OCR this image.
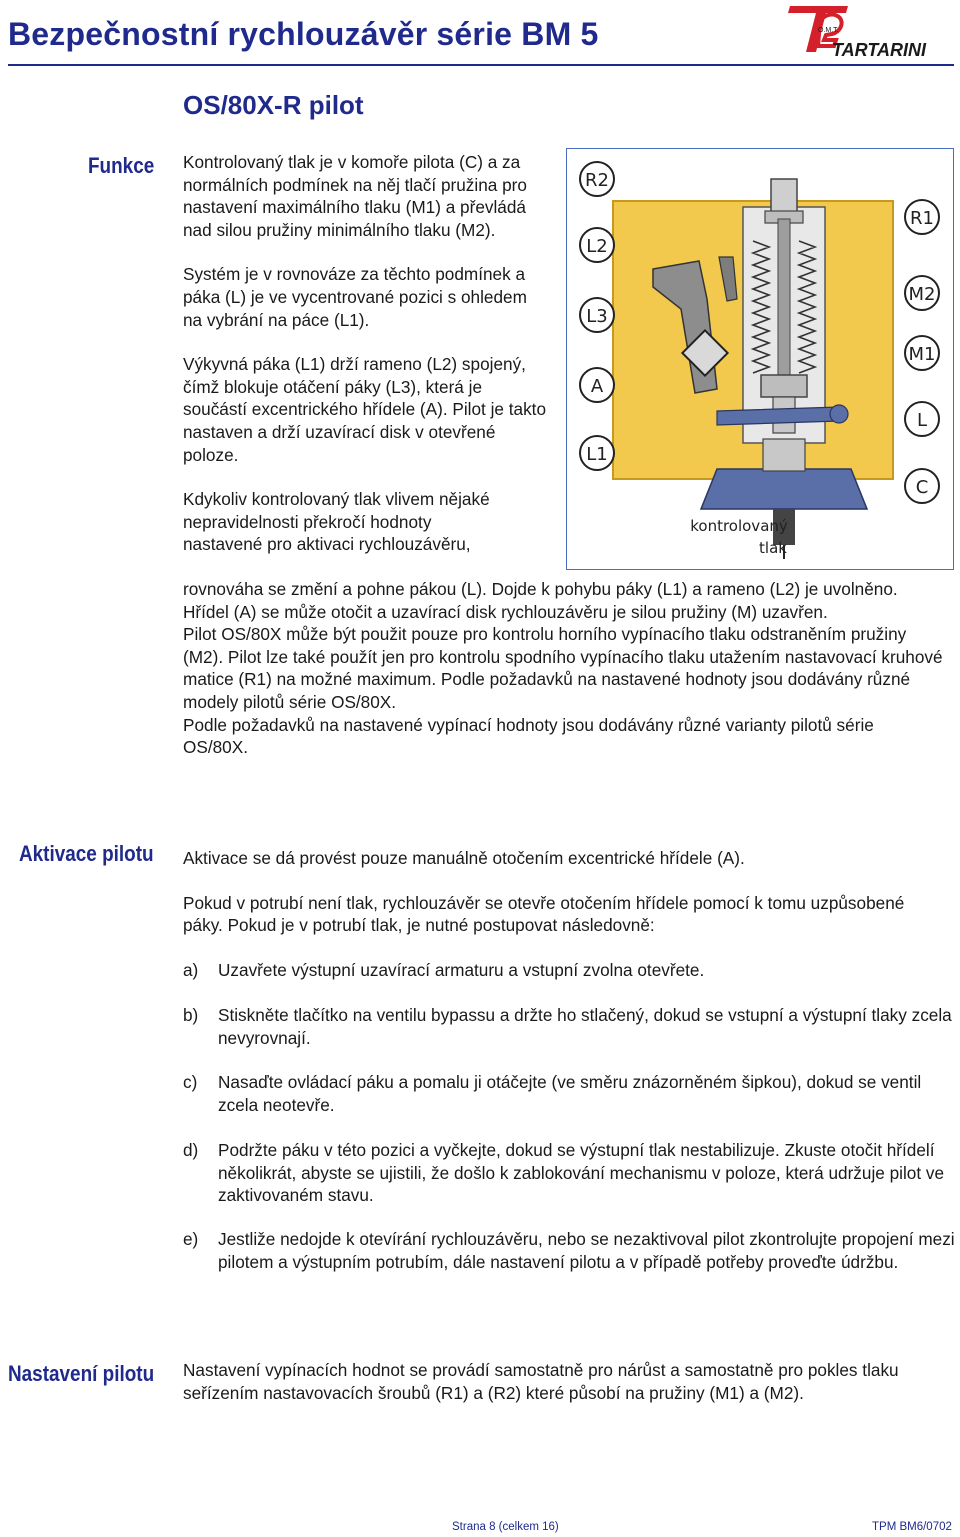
Bezpečnostní rychlouzávěr série BM 5	O.M.T.
TARTARINI
OS/80X-R pilot
Funkce Kontrolovaný tlak je v komoře pilota (C) a za normálních podmínek na něj tlačí pružina pro nastavení maximálního tlaku (M1) a převládá nad silou pružiny minimálního tlaku (M2).

Systém je v rovnováze za těchto podmínek a páka (L) je ve vycentrované pozici s ohledem na vybrání na páce (L1).

Výkyvná páka (L1) drží rameno (L2) spojený, čímž blokuje otáčení páky (L3), která je součástí excentrického hřídele (A). Pilot je takto nastaven a drží uzavírací disk v otevřené poloze.

Kdykoliv kontrolovaný tlak vlivem nějaké
nepravidelnosti překročí hodnoty
nastavené pro aktivaci rychlouzávěru,
rovnováha se změní a pohne pákou (L). Dojde k pohybu páky (L1) a rameno (L2) je uvolněno. Hřídel (A) se může otočit a uzavírací disk rychlouzávěru je silou pružiny (M) uzavřen.
Pilot OS/80X může být použit pouze pro kontrolu horního vypínacího tlaku odstraněním pružiny (M2). Pilot lze také použít jen pro kontrolu spodního vypínacího tlaku utažením nastavovací kruhové matice (R1) na možné maximum. Podle požadavků na nastavené hodnoty jsou dodávány různé modely pilotů série OS/80X.
Podle požadavků na nastavené vypínací hodnoty jsou dodávány různé varianty pilotů série OS/80X.
R2
L2
L3
A
L1
R1
M2
M1
L
C
kontrolovaný
tlak
Aktivace pilotu Aktivace se dá provést pouze manuálně otočením excentrické hřídele (A).

Pokud v potrubí není tlak, rychlouzávěr se otevře otočením hřídele pomocí k tomu uzpůsobené páky. Pokud je v potrubí tlak, je nutné postupovat následovně:

a) Uzavřete výstupní uzavírací armaturu a vstupní zvolna otevřete.
b) Stiskněte tlačítko na ventilu bypassu a držte ho stlačený, dokud se vstupní a výstupní tlaky zcela nevyrovnají.
c) Nasaďte ovládací páku a pomalu ji otáčejte (ve směru znázorněném šipkou), dokud se ventil zcela neotevře.
d) Podržte páku v této pozici a vyčkejte, dokud se výstupní tlak nestabilizuje. Zkuste otočit hřídelí několikrát, abyste se ujistili, že došlo k zablokování mechanismu v poloze, která udržuje pilot ve zaktivovaném stavu.
e) Jestliže nedojde k otevírání rychlouzávěru, nebo se nezaktivoval pilot zkontrolujte propojení mezi pilotem a výstupním potrubím, dále nastavení pilotu a v případě potřeby proveďte údržbu.
Nastavení pilotu Nastavení vypínacích hodnot se provádí samostatně pro nárůst a samostatně pro pokles tlaku seřízením nastavovacích šroubů (R1) a (R2) které působí na pružiny (M1) a (M2).
Strana 8 (celkem 16)	TPM BM6/0702
